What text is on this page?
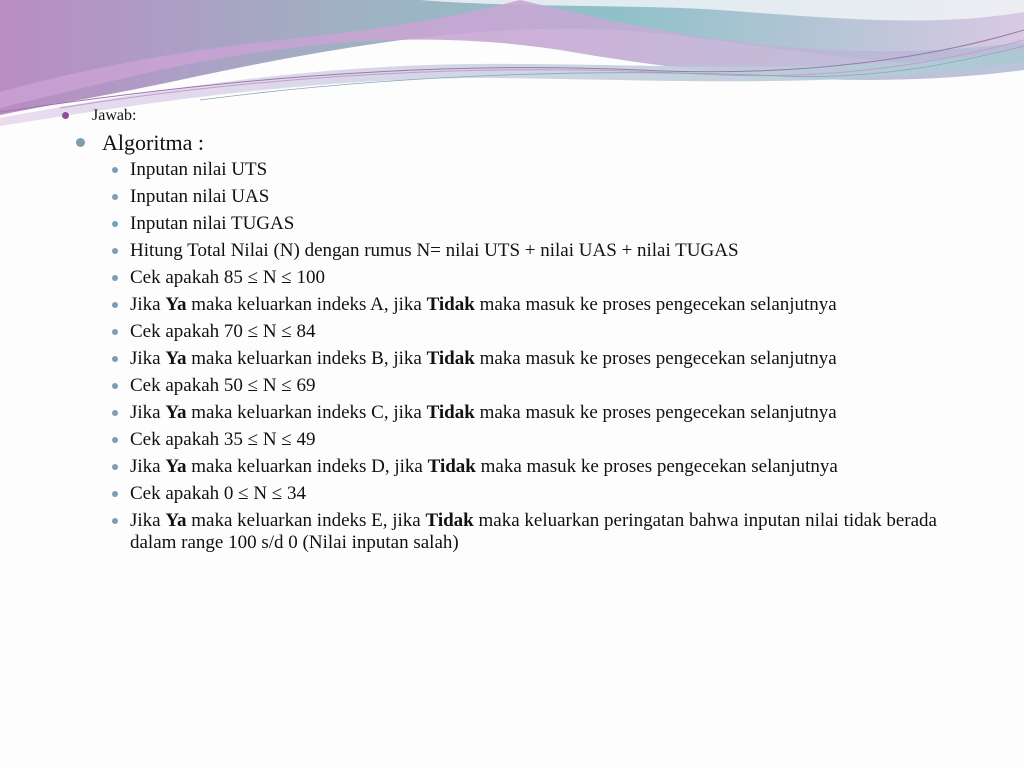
Jawab:
Algoritma :
Inputan nilai UTS
Inputan nilai UAS
Inputan nilai TUGAS
Hitung Total Nilai (N) dengan rumus N= nilai UTS + nilai UAS + nilai TUGAS
Cek apakah 85 ≤ N ≤ 100
Jika Ya maka keluarkan indeks A, jika Tidak maka masuk ke proses pengecekan selanjutnya
Cek apakah 70 ≤ N ≤ 84
Jika Ya maka keluarkan indeks B, jika Tidak maka masuk ke proses pengecekan selanjutnya
Cek apakah 50 ≤ N ≤ 69
Jika Ya maka keluarkan indeks C, jika Tidak maka masuk ke proses pengecekan selanjutnya
Cek apakah 35 ≤ N ≤ 49
Jika Ya maka keluarkan indeks D, jika Tidak maka masuk ke proses pengecekan selanjutnya
Cek apakah 0 ≤ N ≤ 34
Jika Ya maka keluarkan indeks E, jika Tidak maka keluarkan peringatan bahwa inputan nilai tidak berada dalam range 100 s/d 0 (Nilai inputan salah)
